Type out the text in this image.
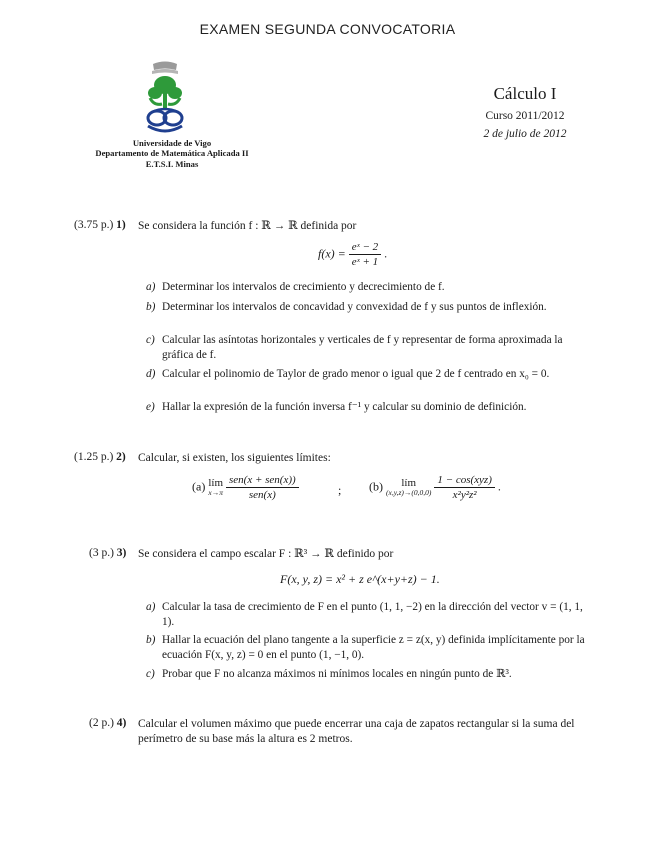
EXAMEN SEGUNDA CONVOCATORIA
Universidade de Vigo
Departamento de Matemática Aplicada II
E.T.S.I. Minas
Cálculo I
Curso 2011/2012
2 de julio de 2012
(3.75 p.) 1) Se considera la función f : ℝ → ℝ definida por
$f(x) = \frac{\text{eˣ − 2}}{\text{eˣ + 1}}$ .
a) Determinar los intervalos de crecimiento y decrecimiento de f.
b) Determinar los intervalos de concavidad y convexidad de f y sus puntos de inflexión.
c) Calcular las asíntotas horizontales y verticales de f y representar de forma aproximada la gráfica de f.
d) Calcular el polinomio de Taylor de grado menor o igual que 2 de f centrado en x₀ = 0.
e) Hallar la expresión de la función inversa f⁻¹ y calcular su dominio de definición.
(1.25 p.) 2) Calcular, si existen, los siguientes límites:
(a) lím
x→π
$\frac{\text{sen(x + sen(x))}}{\text{sen(x)}}$	; (b)	lím
(x,y,z)→(0,0,0)
$\frac{\text{1 − cos(xyz)}}{\text{x²y²z²}}$ .
(3 p.) 3) Se considera el campo escalar F : ℝ³ → ℝ definido por
F(x, y, z) = x² + z e^(x+y+z) − 1.
a) Calcular la tasa de crecimiento de F en el punto (1, 1, −2) en la dirección del vector v = (1, 1, 1).
b) Hallar la ecuación del plano tangente a la superficie z = z(x, y) definida implícitamente por la ecuación F(x, y, z) = 0 en el punto (1, −1, 0).
c) Probar que F no alcanza máximos ni mínimos locales en ningún punto de ℝ³.
(2 p.) 4) Calcular el volumen máximo que puede encerrar una caja de zapatos rectangular si la suma del perímetro de su base más la altura es 2 metros.
